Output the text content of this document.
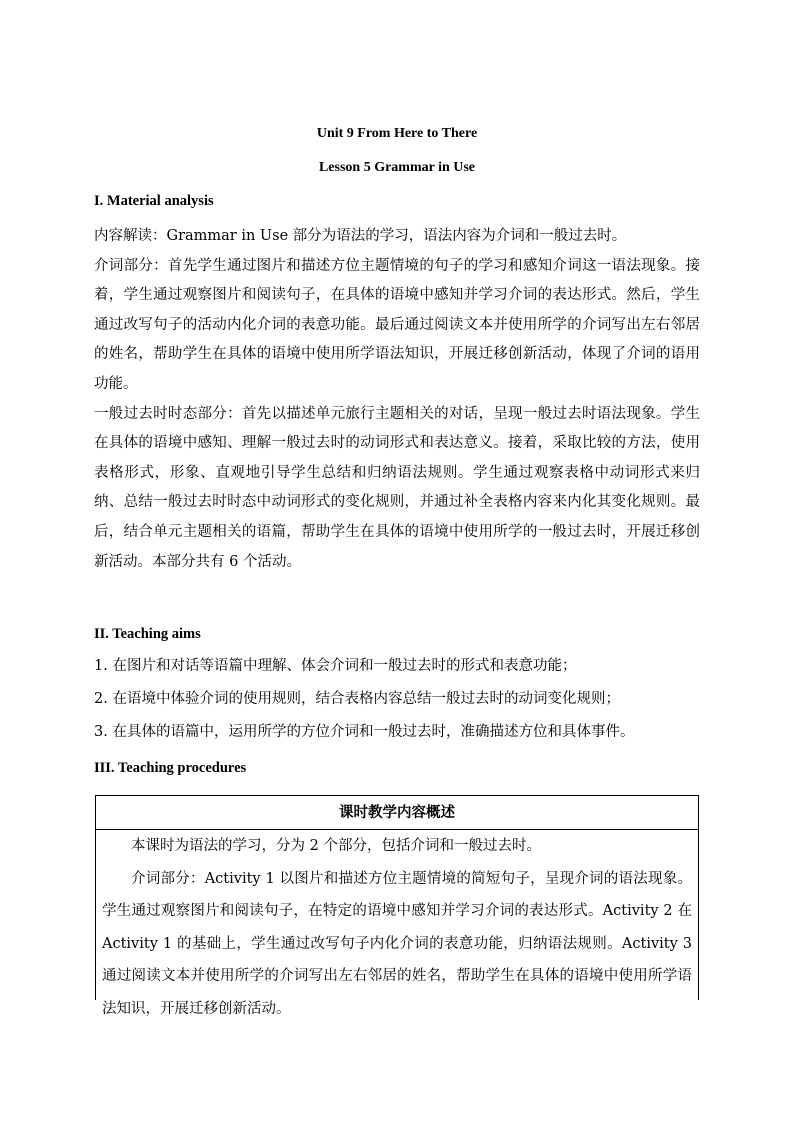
Unit 9 From Here to There
Lesson 5 Grammar in Use
I. Material analysis

内容解读：Grammar in Use 部分为语法的学习，语法内容为介词和一般过去时。

介词部分：首先学生通过图片和描述方位主题情境的句子的学习和感知介词这一语法现象。接着，学生通过观察图片和阅读句子，在具体的语境中感知并学习介词的表达形式。然后，学生通过改写句子的活动内化介词的表意功能。最后通过阅读文本并使用所学的介词写出左右邻居的姓名，帮助学生在具体的语境中使用所学语法知识，开展迁移创新活动，体现了介词的语用功能。

一般过去时时态部分：首先以描述单元旅行主题相关的对话，呈现一般过去时语法现象。学生在具体的语境中感知、理解一般过去时的动词形式和表达意义。接着，采取比较的方法，使用表格形式，形象、直观地引导学生总结和归纳语法规则。学生通过观察表格中动词形式来归纳、总结一般过去时时态中动词形式的变化规则，并通过补全表格内容来内化其变化规则。最后，结合单元主题相关的语篇，帮助学生在具体的语境中使用所学的一般过去时，开展迁移创新活动。本部分共有 6 个活动。

II. Teaching aims

1. 在图片和对话等语篇中理解、体会介词和一般过去时的形式和表意功能；

2. 在语境中体验介词的使用规则，结合表格内容总结一般过去时的动词变化规则；

3. 在具体的语篇中，运用所学的方位介词和一般过去时，准确描述方位和具体事件。

III. Teaching procedures
课时教学内容概述

本课时为语法的学习，分为 2 个部分，包括介词和一般过去时。

介词部分：Activity 1 以图片和描述方位主题情境的简短句子，呈现介词的语法现象。学生通过观察图片和阅读句子，在特定的语境中感知并学习介词的表达形式。Activity 2 在 Activity 1 的基础上，学生通过改写句子内化介词的表意功能，归纳语法规则。Activity 3 通过阅读文本并使用所学的介词写出左右邻居的姓名，帮助学生在具体的语境中使用所学语法知识，开展迁移创新活动。
